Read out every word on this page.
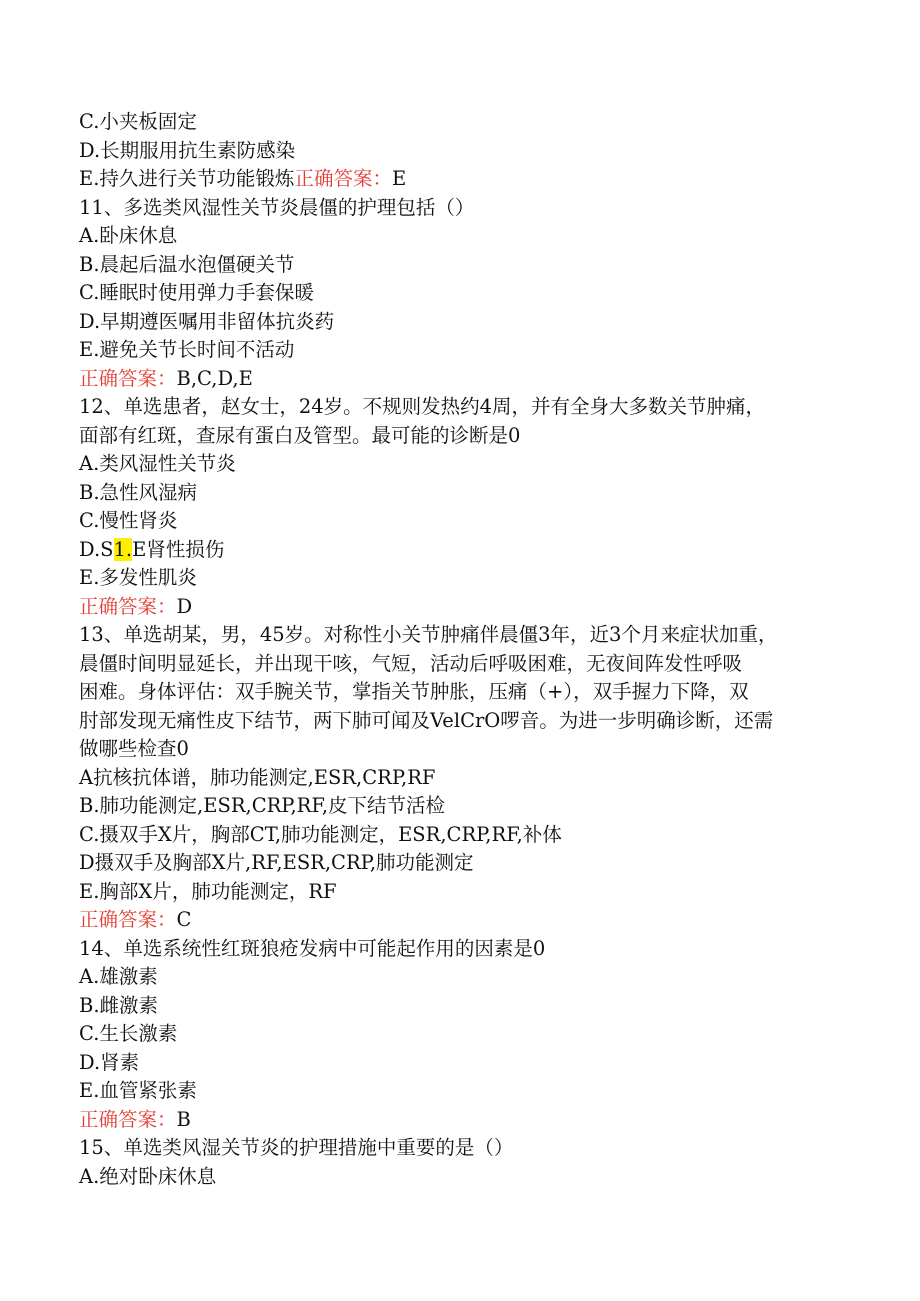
C.小夹板固定
D.长期服用抗生素防感染
E.持久进行关节功能锻炼正确答案：E
11、多选类风湿性关节炎晨僵的护理包括（）
A.卧床休息
B.晨起后温水泡僵硬关节
C.睡眠时使用弹力手套保暖
D.早期遵医嘱用非留体抗炎药
E.避免关节长时间不活动
正确答案：B,C,D,E
12、单选患者，赵女士，24岁。不规则发热约4周，并有全身大多数关节肿痛，
面部有红斑，查尿有蛋白及管型。最可能的诊断是0
A.类风湿性关节炎
B.急性风湿病
C.慢性肾炎
D.S1.E肾性损伤
E.多发性肌炎
正确答案：D
13、单选胡某，男，45岁。对称性小关节肿痛伴晨僵3年，近3个月来症状加重，
晨僵时间明显延长，并出现干咳，气短，活动后呼吸困难，无夜间阵发性呼吸
困难。身体评估：双手腕关节，掌指关节肿胀，压痛（+），双手握力下降，双
肘部发现无痛性皮下结节，两下肺可闻及VelCrO啰音。为进一步明确诊断，还需
做哪些检查0
A抗核抗体谱，肺功能测定,ESR,CRP,RF
B.肺功能测定,ESR,CRP,RF,皮下结节活检
C.摄双手X片，胸部CT,肺功能测定，ESR,CRP,RF,补体
D摄双手及胸部X片,RF,ESR,CRP,肺功能测定
E.胸部X片，肺功能测定，RF
正确答案：C
14、单选系统性红斑狼疮发病中可能起作用的因素是0
A.雄激素
B.雌激素
C.生长激素
D.肾素
E.血管紧张素
正确答案：B
15、单选类风湿关节炎的护理措施中重要的是（）
A.绝对卧床休息
